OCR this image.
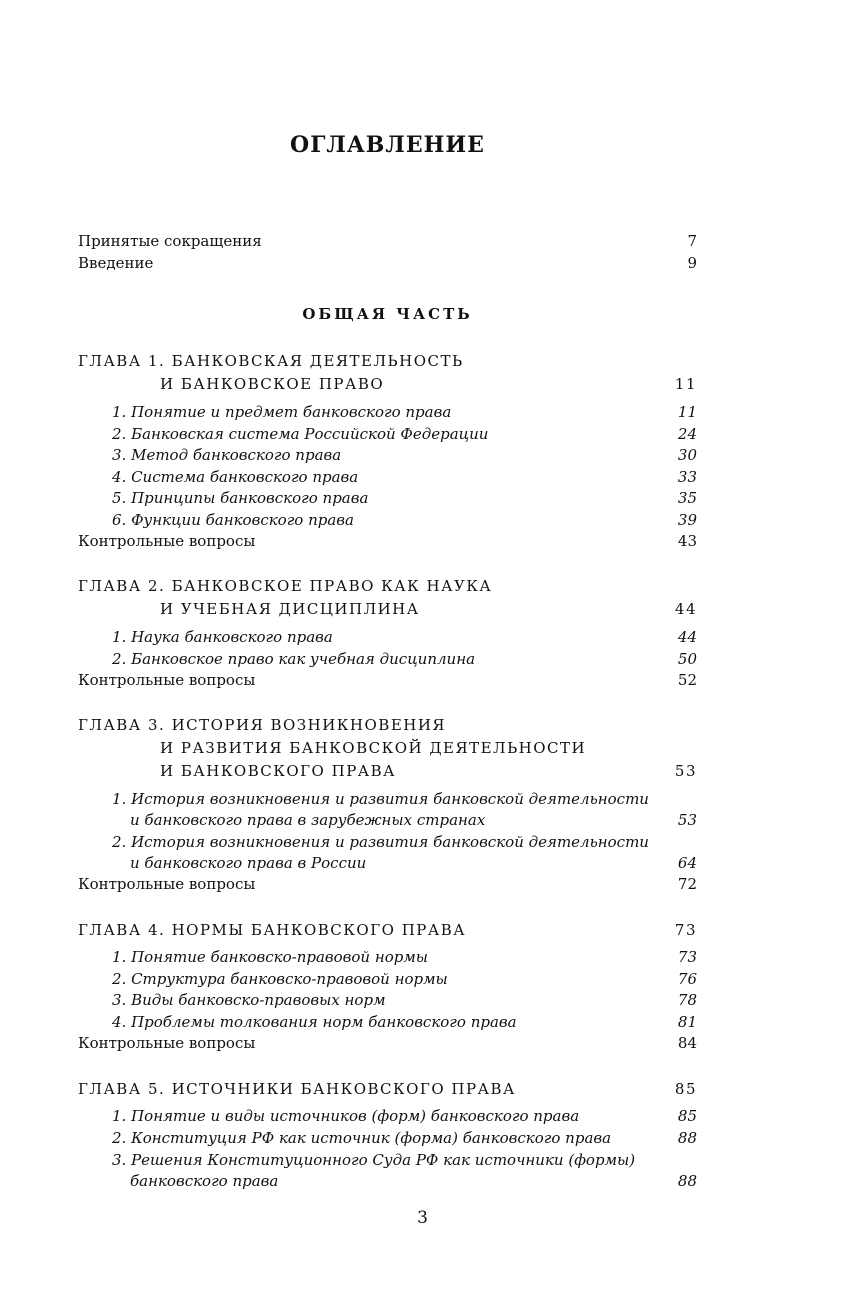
ОГЛАВЛЕНИЕ
Принятые сокращения	7
Введение	9
ОБЩАЯ ЧАСТЬ
ГЛАВА 1. БАНКОВСКАЯ ДЕЯТЕЛЬНОСТЬ
И БАНКОВСКОЕ ПРАВО	11
1. Понятие и предмет банковского права	11
2. Банковская система Российской Федерации	24
3. Метод банковского права	30
4. Система банковского права	33
5. Принципы банковского права	35
6. Функции банковского права	39
Контрольные вопросы	43
ГЛАВА 2. БАНКОВСКОЕ ПРАВО КАК НАУКА
И УЧЕБНАЯ ДИСЦИПЛИНА	44
1. Наука банковского права	44
2. Банковское право как учебная дисциплина	50
Контрольные вопросы	52
ГЛАВА 3. ИСТОРИЯ ВОЗНИКНОВЕНИЯ
И РАЗВИТИЯ БАНКОВСКОЙ ДЕЯТЕЛЬНОСТИ
И БАНКОВСКОГО ПРАВА	53
1. История возникновения и развития банковской деятельности
и банковского права в зарубежных странах	53
2. История возникновения и развития банковской деятельности
и банковского права в России	64
Контрольные вопросы	72
ГЛАВА 4. НОРМЫ БАНКОВСКОГО ПРАВА	73
1. Понятие банковско-правовой нормы	73
2. Структура банковско-правовой нормы	76
3. Виды банковско-правовых норм	78
4. Проблемы толкования норм банковского права	81
Контрольные вопросы	84
ГЛАВА 5. ИСТОЧНИКИ БАНКОВСКОГО ПРАВА	85
1. Понятие и виды источников (форм) банковского права	85
2. Конституция РФ как источник (форма) банковского права	88
3. Решения Конституционного Суда РФ как источники (формы)
банковского права	88
3
